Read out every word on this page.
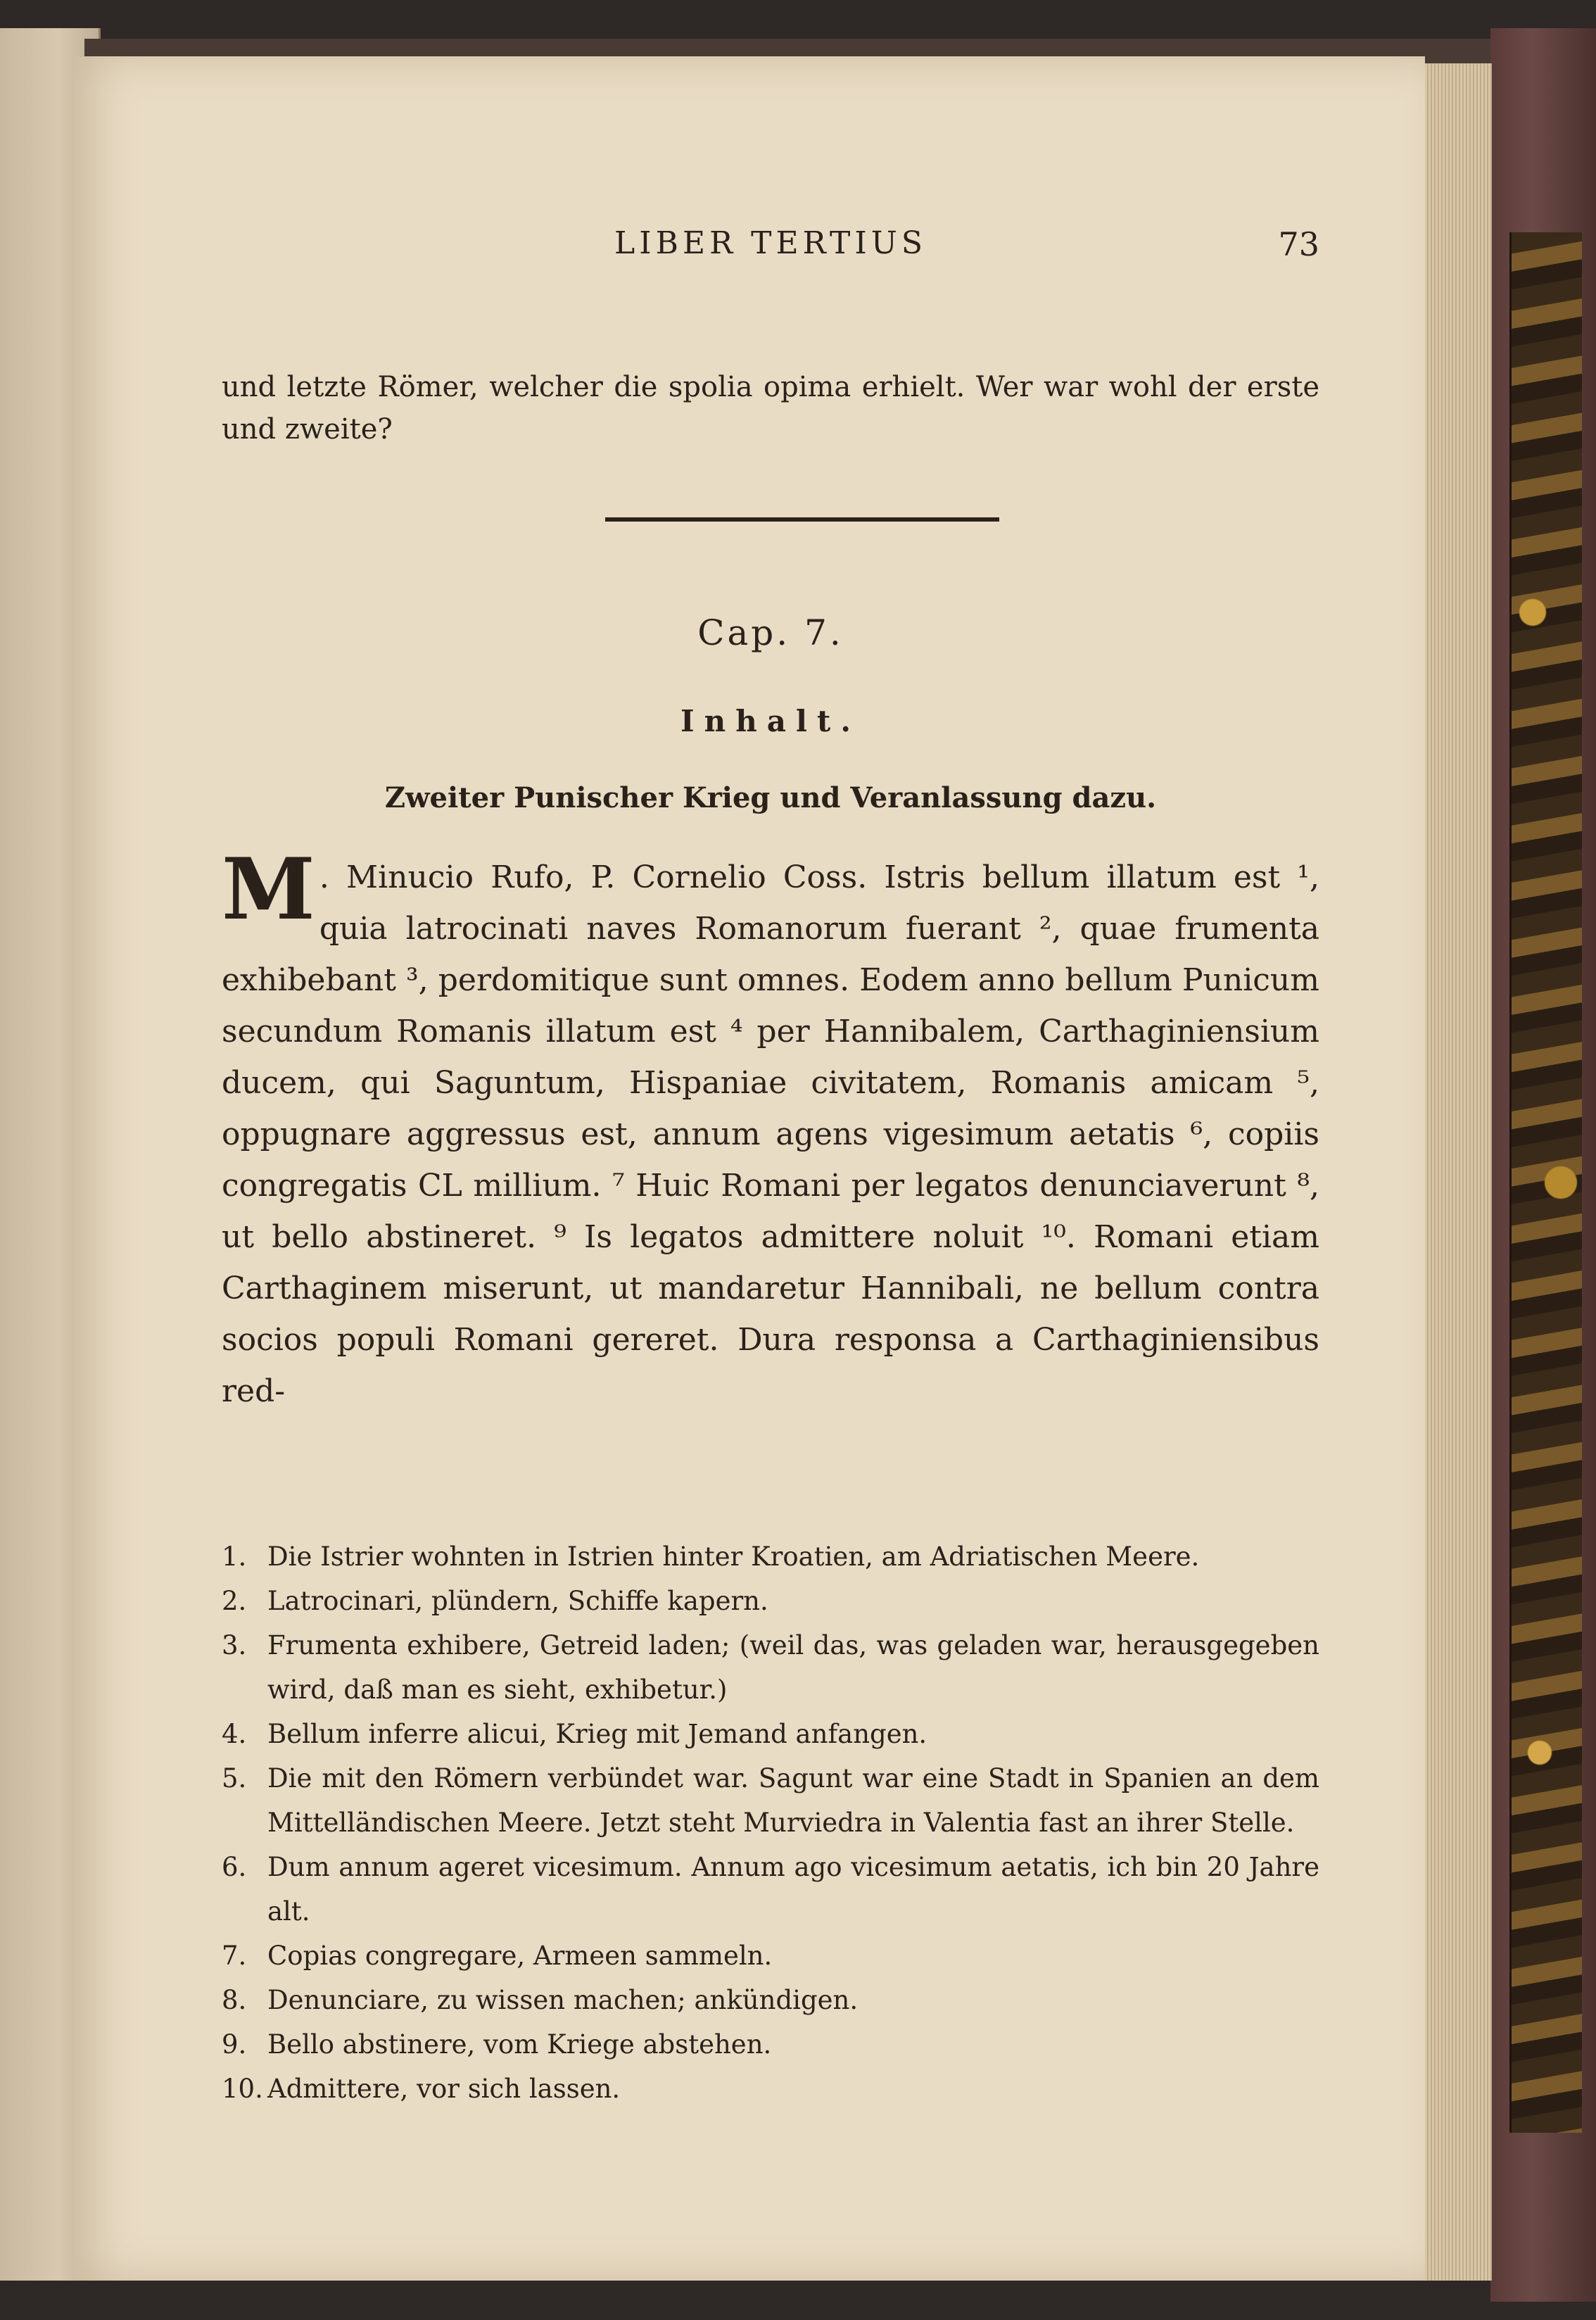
LIBER TERTIUS	73

und letzte Römer, welcher die spolia opima erhielt. Wer war wohl der erste und zweite?

Cap. 7.
Inhalt.
Zweiter Punischer Krieg und Veranlassung dazu.
M . Minucio Rufo, P. Cornelio Coss. Istris bellum illatum est ¹, quia latrocinati naves Romanorum fuerant ², quae frumenta exhibebant ³, perdomitique sunt omnes. Eodem anno bellum Punicum secundum Romanis illatum est ⁴ per Hannibalem, Carthaginiensium ducem, qui Saguntum, Hispaniae civitatem, Romanis amicam ⁵, oppugnare aggressus est, annum agens vigesimum aetatis ⁶, copiis congregatis CL millium. ⁷ Huic Romani per legatos denunciaverunt ⁸, ut bello abstineret. ⁹ Is legatos admittere noluit ¹⁰. Romani etiam Carthaginem miserunt, ut mandaretur Hannibali, ne bellum contra socios populi Romani gereret. Dura responsa a Carthaginiensibus red-
1. Die Istrier wohnten in Istrien hinter Kroatien, am Adriatischen Meere.
2. Latrocinari, plündern, Schiffe kapern.
3. Frumenta exhibere, Getreid laden; (weil das, was geladen war, herausgegeben wird, daß man es sieht, exhibetur.)
4. Bellum inferre alicui, Krieg mit Jemand anfangen.
5. Die mit den Römern verbündet war. Sagunt war eine Stadt in Spanien an dem Mittelländischen Meere. Jetzt steht Murviedra in Valentia fast an ihrer Stelle.
6. Dum annum ageret vicesimum. Annum ago vicesimum aetatis, ich bin 20 Jahre alt.
7. Copias congregare, Armeen sammeln.
8. Denunciare, zu wissen machen; ankündigen.
9. Bello abstinere, vom Kriege abstehen.
10. Admittere, vor sich lassen.
